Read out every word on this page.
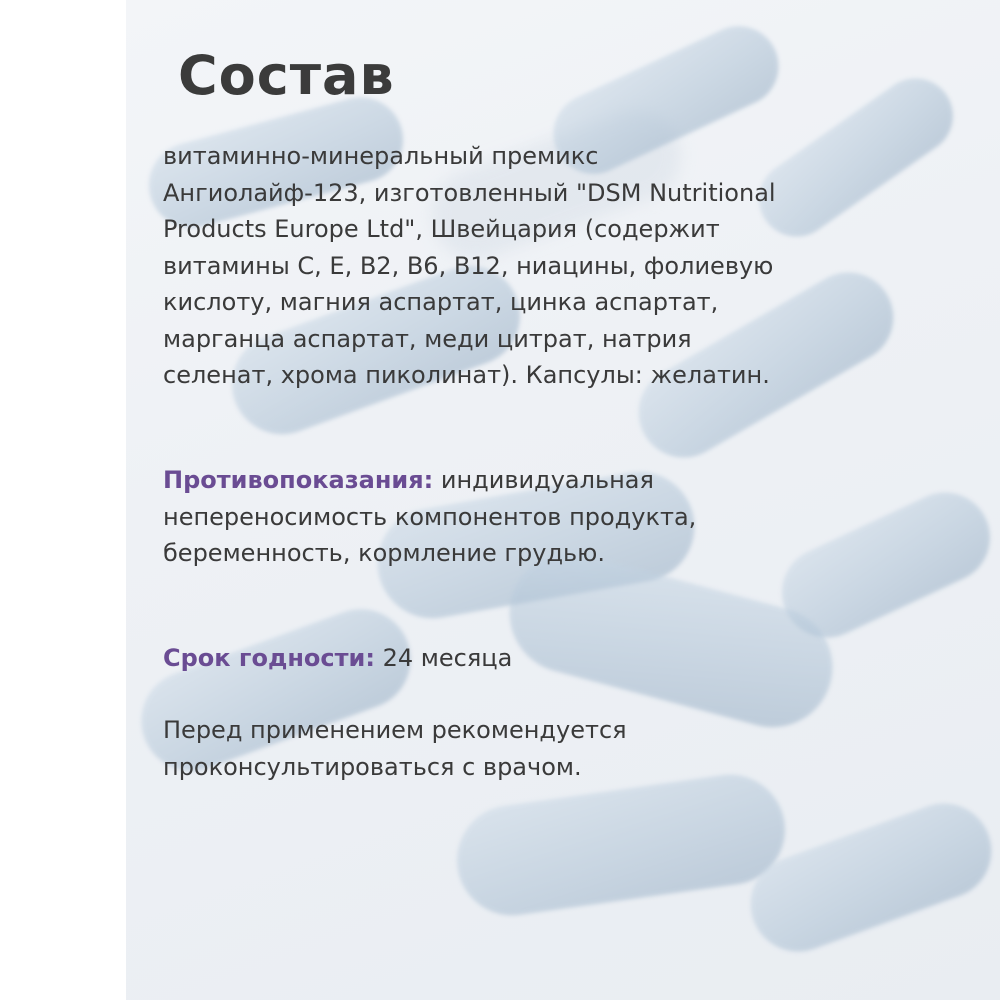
Состав
витаминно-минеральный премикс Ангиолайф-123, изготовленный "DSM Nutritional Products Europe Ltd", Швейцария (содержит витамины C, E, B2, B6, B12, ниацины, фолиевую кислоту, магния аспартат, цинка аспартат, марганца аспартат, меди цитрат, натрия селенат, хрома пиколинат). Капсулы: желатин.
Противопоказания: индивидуальная непереносимость компонентов продукта, беременность, кормление грудью.
Срок годности: 24 месяца
Перед применением рекомендуется проконсультироваться с врачом.
